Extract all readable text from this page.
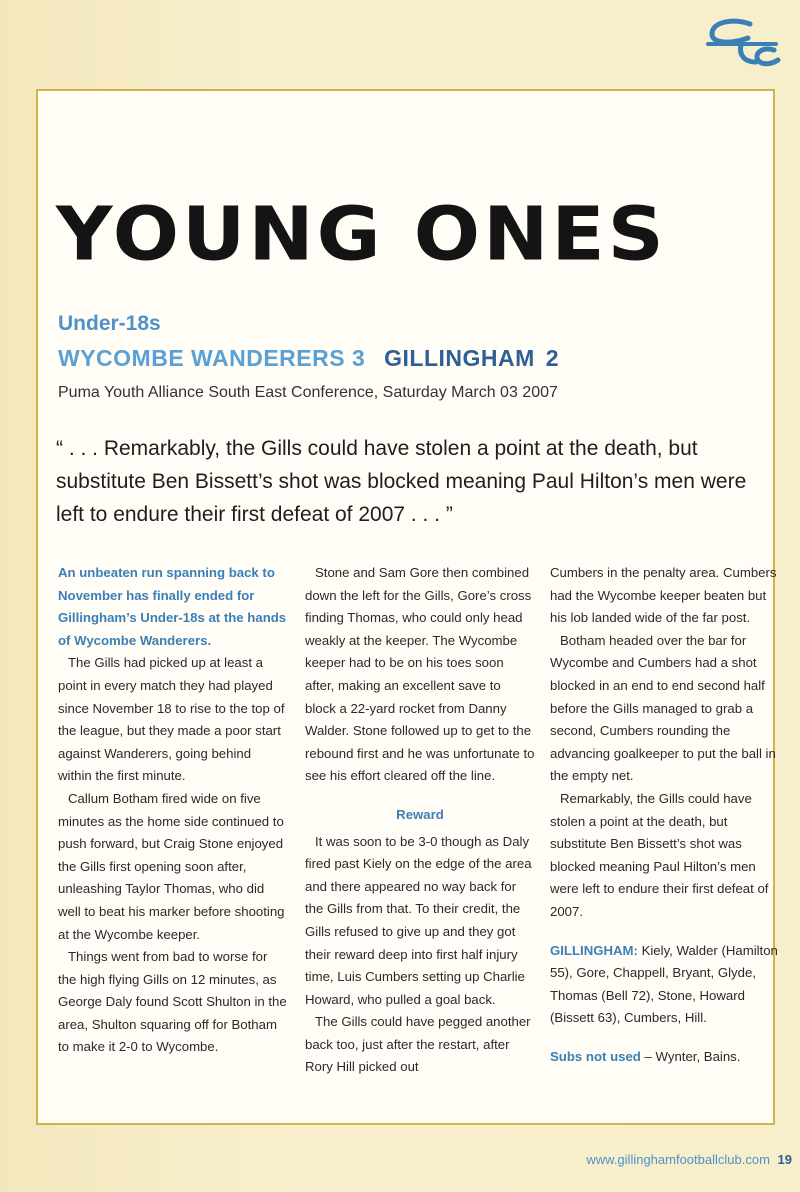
YOUNG ONES
Under-18s
WYCOMBE WANDERERS 3 GILLINGHAM 2
Puma Youth Alliance South East Conference, Saturday March 03 2007
“ . . . Remarkably, the Gills could have stolen a point at the death, but substitute Ben Bissett’s shot was blocked meaning Paul Hilton’s men were left to endure their first defeat of 2007 . . . ”

An unbeaten run spanning back to November has finally ended for Gillingham’s Under-18s at the hands of Wycombe Wanderers.

The Gills had picked up at least a point in every match they had played since November 18 to rise to the top of the league, but they made a poor start against Wanderers, going behind within the first minute.

Callum Botham fired wide on five minutes as the home side continued to push forward, but Craig Stone enjoyed the Gills first opening soon after, unleashing Taylor Thomas, who did well to beat his marker before shooting at the Wycombe keeper.

Things went from bad to worse for the high flying Gills on 12 minutes, as George Daly found Scott Shulton in the area, Shulton squaring off for Botham to make it 2-0 to Wycombe.

Stone and Sam Gore then combined down the left for the Gills, Gore’s cross finding Thomas, who could only head weakly at the keeper. The Wycombe keeper had to be on his toes soon after, making an excellent save to block a 22-yard rocket from Danny Walder. Stone followed up to get to the rebound first and he was unfortunate to see his effort cleared off the line.

Reward

It was soon to be 3-0 though as Daly fired past Kiely on the edge of the area and there appeared no way back for the Gills from that. To their credit, the Gills refused to give up and they got their reward deep into first half injury time, Luis Cumbers setting up Charlie Howard, who pulled a goal back.

The Gills could have pegged another back too, just after the restart, after Rory Hill picked out

Cumbers in the penalty area. Cumbers had the Wycombe keeper beaten but his lob landed wide of the far post.

Botham headed over the bar for Wycombe and Cumbers had a shot blocked in an end to end second half before the Gills managed to grab a second, Cumbers rounding the advancing goalkeeper to put the ball in the empty net.

Remarkably, the Gills could have stolen a point at the death, but substitute Ben Bissett’s shot was blocked meaning Paul Hilton’s men were left to endure their first defeat of 2007.

GILLINGHAM: Kiely, Walder (Hamilton 55), Gore, Chappell, Bryant, Glyde, Thomas (Bell 72), Stone, Howard (Bissett 63), Cumbers, Hill.

Subs not used – Wynter, Bains.

www.gillinghamfootballclub.com 19
